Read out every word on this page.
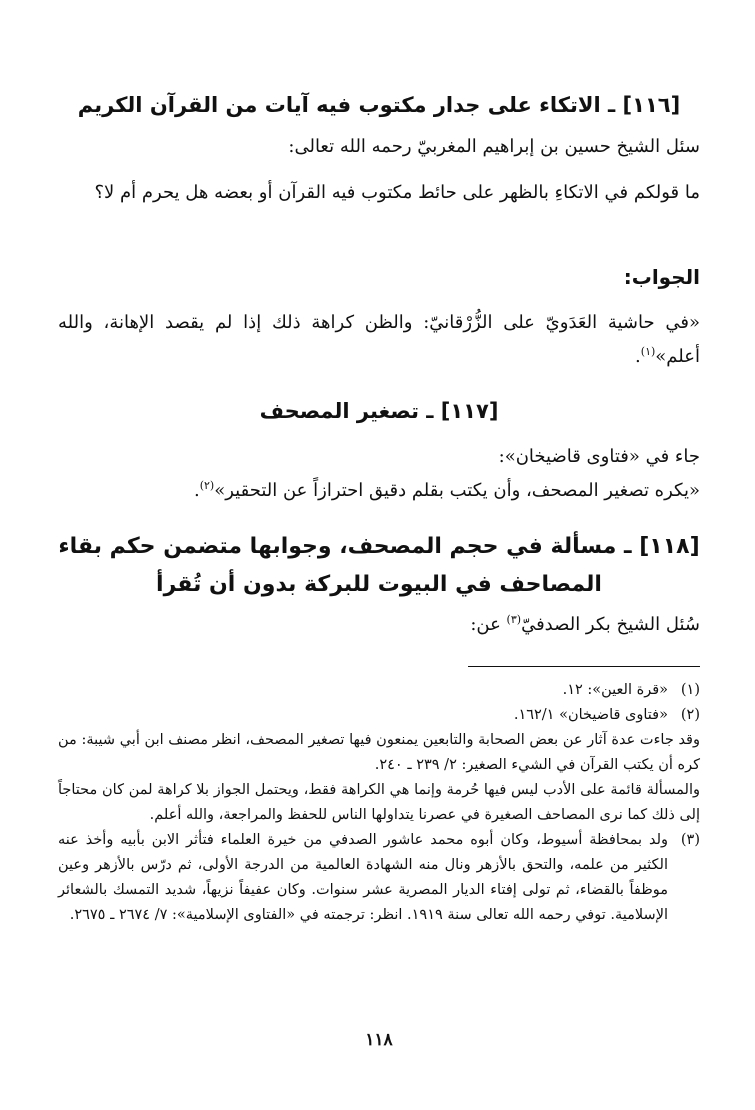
[١١٦] ـ الاتكاء على جدار مكتوب فيه آيات من القرآن الكريم

سئل الشيخ حسين بن إبراهيم المغربيّ رحمه الله تعالى:

ما قولكم في الاتكاءِ بالظهر على حائط مكتوب فيه القرآن أو بعضه هل يحرم أم لا؟

الجواب:

«في حاشية العَدَويّ على الزُّرْقانيّ: والظن كراهة ذلك إذا لم يقصد الإهانة، والله أعلم»$^{(١)}$.

[١١٧] ـ تصغير المصحف

جاء في «فتاوى قاضيخان»:

«يكره تصغير المصحف، وأن يكتب بقلم دقيق احترازاً عن التحقير»$^{(٢)}$.

[١١٨] ـ مسألة في حجم المصحف، وجوابها متضمن حكم بقاء
المصاحف في البيوت للبركة بدون أن تُقرأ

سُئل الشيخ بكر الصدفيّ$^{(٣)}$ عن:

(١)

«قرة العين»: ١٢.

(٢)

«فتاوى قاضيخان» ١٦٢/١.

وقد جاءت عدة آثار عن بعض الصحابة والتابعين يمنعون فيها تصغير المصحف، انظر مصنف ابن أبي شيبة: من كره أن يكتب القرآن في الشيء الصغير: ٢/ ٢٣٩ ـ ٢٤٠.

والمسألة قائمة على الأدب ليس فيها حُرمة وإنما هي الكراهة فقط، ويحتمل الجواز بلا كراهة لمن كان محتاجاً إلى ذلك كما نرى المصاحف الصغيرة في عصرنا يتداولها الناس للحفظ والمراجعة، والله أعلم.

(٣)

ولد بمحافظة أسيوط، وكان أبوه محمد عاشور الصدفي من خيرة العلماء فتأثر الابن بأبيه وأخذ عنه الكثير من علمه، والتحق بالأزهر ونال منه الشهادة العالمية من الدرجة الأولى، ثم درّس بالأزهر وعين موظفاً بالقضاء، ثم تولى إفتاء الديار المصرية عشر سنوات. وكان عفيفاً نزيهاً، شديد التمسك بالشعائر الإسلامية. توفي رحمه الله تعالى سنة ١٩١٩. انظر: ترجمته في «الفتاوى الإسلامية»: ٧/ ٢٦٧٤ ـ ٢٦٧٥.

١١٨
